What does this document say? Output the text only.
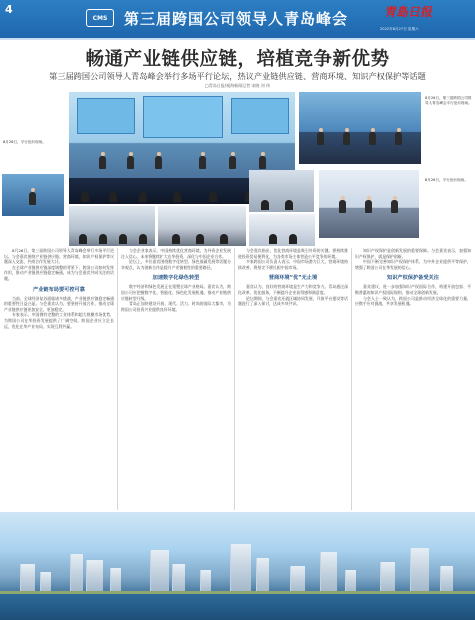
4
CMS	第三届跨国公司领导人青岛峰会	青島日报
2022年8月27日 星期六
畅通产业链供应链，培植竞争新优势
第三届跨国公司领导人青岛峰会举行多场平行论坛，热议产业链供应链、营商环境、知识产权保护等话题
□青岛日报/观海新闻记者 宋晓 刘 伟
8月26日，第三届跨国公司领导人青岛峰会平行论坛现场。
8月26日，平行论坛现场。
8月26日，平行论坛现场。

8月26日，第三届跨国公司领导人青岛峰会举行多场平行论坛。与会嘉宾围绕产业链供应链、营商环境、知识产权保护等议题深入交流，共商合作发展大计。

在全球产业链供应链深度调整的背景下，跨国公司如何发挥作用，推动产业链供应链稳定畅通，成为与会嘉宾共同关注的话题。

产业链布局要可控可靠

当前，全球经济复苏面临诸多挑战，产业链供应链稳定畅通的重要性日益凸显。与会嘉宾认为，要坚持开放合作，推动全球产业链供应链更加安全、更加稳定。

专家表示，中国拥有完整的工业体系和超大规模市场优势，为跨国公司在华投资发展提供了广阔空间。跨国企业应立足长远，优化在华产业布局，实现互利共赢。

与会企业家表示，中国持续优化营商环境，为外资企业发展注入信心。未来将继续扩大在华投资，深化与中国企业合作。

论坛上，多位嘉宾围绕数字化转型、绿色低碳发展等话题分享观点，认为创新合作是提升产业链韧性的重要路径。

加速数字化绿色转型

数字经济和绿色发展正在重塑全球产业格局。嘉宾认为，跨国公司应把握数字化、智能化、绿色化发展机遇，推动产业链供应链转型升级。

青岛正加快建设开放、现代、活力、时尚的国际大都市，为跨国公司投资兴业提供良好环境。

与会嘉宾指出，优化营商环境是吸引外资的关键。要持续推进投资贸易便利化，为各类市场主体营造公平竞争的环境。

多家跨国公司负责人表示，中国市场潜力巨大，营商环境持续改善，将坚定不移扎根中国市场。

营商环境“优”无止境

嘉宾认为，良好的营商环境是生产力和竞争力。青岛通过深化改革、优化服务，不断提升企业获得感和满意度。

论坛期间，与会嘉宾还就区域协同发展、开放平台建设等话题进行了深入探讨，达成多项共识。

知识产权保护是创新发展的重要保障。与会嘉宾表示，加强知识产权保护，就是保护创新。

中国不断完善知识产权保护体系，为中外企业提供平等保护，增强了跨国公司在华发展的信心。

知识产权保护备受关注

嘉宾建议，进一步加强知识产权国际合作，构建开放包容、平衡普惠的知识产权国际规则，推动全球创新发展。

与会人士一致认为，跨国公司是推动经济全球化的重要力量，应携手应对挑战，共享发展机遇。
